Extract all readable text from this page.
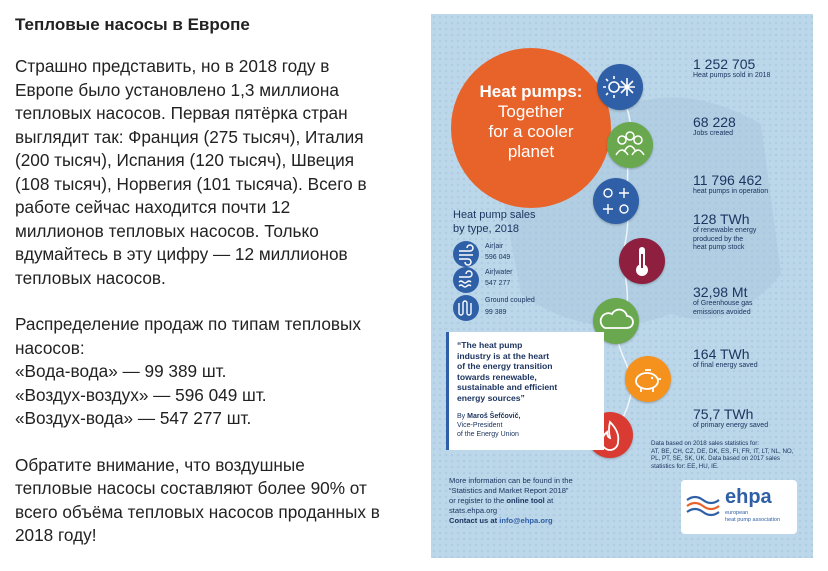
Тепловые насосы в Европе

Страшно представить, но в 2018 году в
Европе было установлено 1,3 миллиона
тепловых насосов. Первая пятёрка стран
выглядит так: Франция (275 тысяч), Италия
(200 тысяч), Испания (120 тысяч), Швеция
(108 тысяч), Норвегия (101 тысяча). Всего в
работе сейчас находится почти 12
миллионов тепловых насосов. Только
вдумайтесь в эту цифру — 12 миллионов
тепловых насосов.

Распределение продаж по типам тепловых
насосов:
«Вода-вода» — 99 389 шт.
«Воздух-воздух» — 596 049 шт.
«Воздух-вода» — 547 277 шт.

Обратите внимание, что воздушные
тепловые насосы составляют более 90% от
всего объёма тепловых насосов проданных в
2018 году!

Heat pumps:
Together
for a cooler
planet
Heat pump sales
by type, 2018
Air|air
596 049
Air|water
547 277
Ground coupled
99 389
1 252 705
Heat pumps sold in 2018
68 228
Jobs created
11 796 462
heat pumps in operation
128 TWh
of renewable energy
produced by the
heat pump stock
32,98 Mt
of Greenhouse gas
emissions avoided
164 TWh
of final energy saved
75,7 TWh
of primary energy saved
“The heat pump
industry is at the heart
of the energy transition
towards renewable,
sustainable and efficient
energy sources”
By Maroš Šefčovič,
Vice-President
of the Energy Union
Data based on 2018 sales statistics for:
AT, BE, CH, CZ, DE, DK, ES, FI, FR, IT, LT, NL, NO,
PL, PT, SE, SK, UK. Data based on 2017 sales
statistics for: EE, HU, IE.
More information can be found in the
“Statistics and Market Report 2018”
or register to the online tool at
stats.ehpa.org
Contact us at info@ehpa.org
ehpa
european
heat pump association
